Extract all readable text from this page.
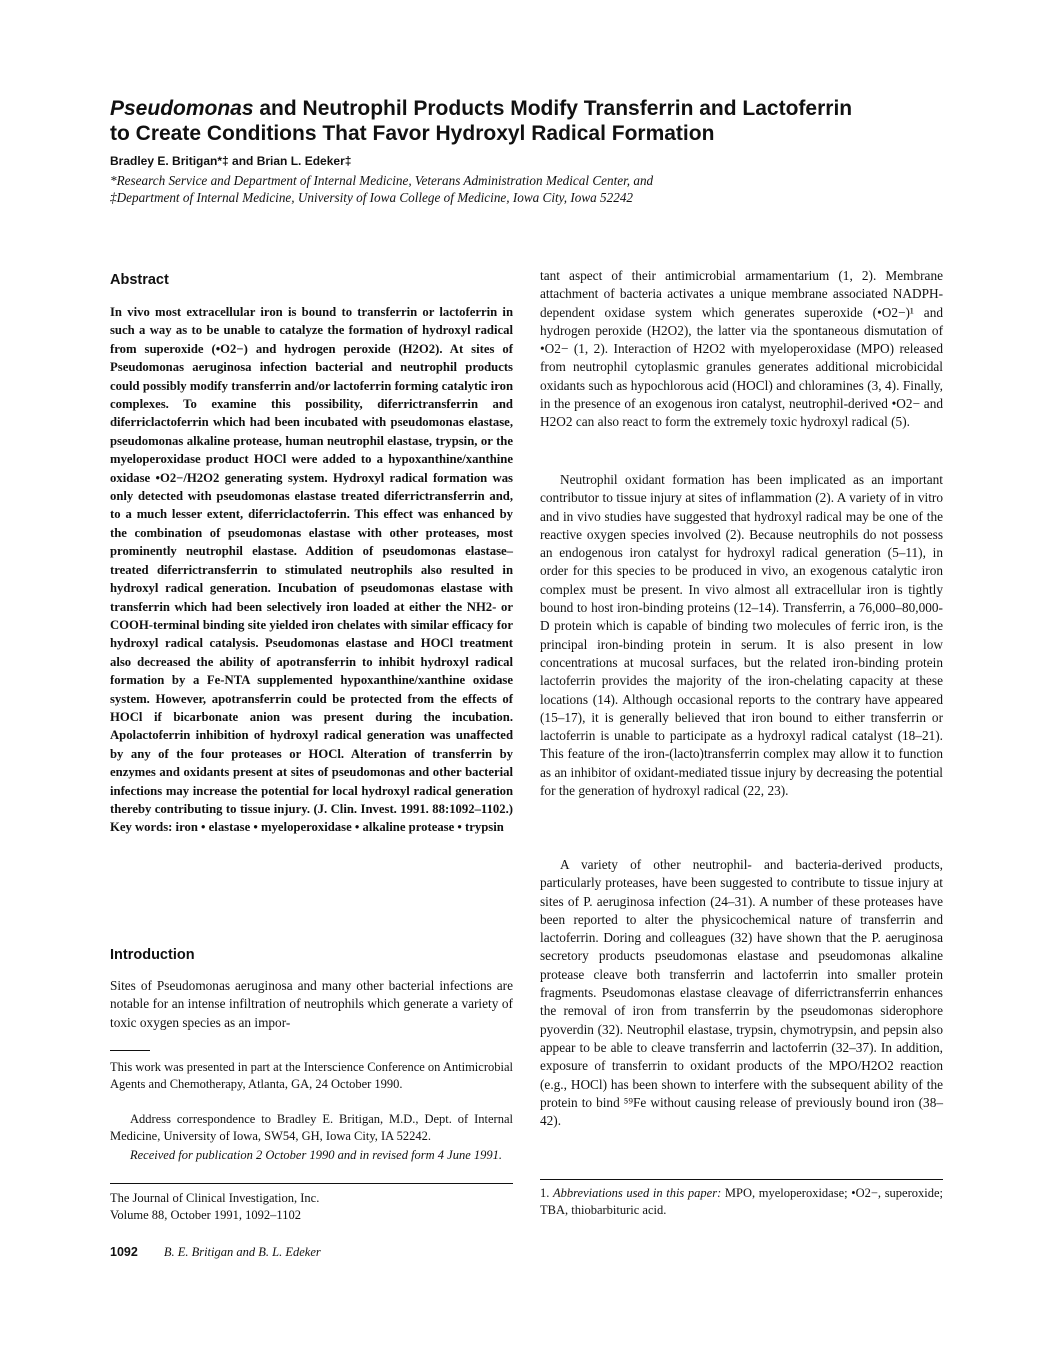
Pseudomonas and Neutrophil Products Modify Transferrin and Lactoferrin
to Create Conditions That Favor Hydroxyl Radical Formation
Bradley E. Britigan*‡ and Brian L. Edeker‡
*Research Service and Department of Internal Medicine, Veterans Administration Medical Center, and
‡Department of Internal Medicine, University of Iowa College of Medicine, Iowa City, Iowa 52242
Abstract

In vivo most extracellular iron is bound to transferrin or lactoferrin in such a way as to be unable to catalyze the formation of hydroxyl radical from superoxide (•O2−) and hydrogen peroxide (H2O2). At sites of Pseudomonas aeruginosa infection bacterial and neutrophil products could possibly modify transferrin and/or lactoferrin forming catalytic iron complexes. To examine this possibility, diferrictransferrin and diferriclactoferrin which had been incubated with pseudomonas elastase, pseudomonas alkaline protease, human neutrophil elastase, trypsin, or the myeloperoxidase product HOCl were added to a hypoxanthine/xanthine oxidase •O2−/H2O2 generating system. Hydroxyl radical formation was only detected with pseudomonas elastase treated diferrictransferrin and, to a much lesser extent, diferriclactoferrin. This effect was enhanced by the combination of pseudomonas elastase with other proteases, most prominently neutrophil elastase. Addition of pseudomonas elastase–treated diferrictransferrin to stimulated neutrophils also resulted in hydroxyl radical generation. Incubation of pseudomonas elastase with transferrin which had been selectively iron loaded at either the NH2- or COOH-terminal binding site yielded iron chelates with similar efficacy for hydroxyl radical catalysis. Pseudomonas elastase and HOCl treatment also decreased the ability of apotransferrin to inhibit hydroxyl radical formation by a Fe-NTA supplemented hypoxanthine/xanthine oxidase system. However, apotransferrin could be protected from the effects of HOCl if bicarbonate anion was present during the incubation. Apolactoferrin inhibition of hydroxyl radical generation was unaffected by any of the four proteases or HOCl. Alteration of transferrin by enzymes and oxidants present at sites of pseudomonas and other bacterial infections may increase the potential for local hydroxyl radical generation thereby contributing to tissue injury. (J. Clin. Invest. 1991. 88:1092–1102.) Key words: iron • elastase • myeloperoxidase • alkaline protease • trypsin

Introduction

Sites of Pseudomonas aeruginosa and many other bacterial infections are notable for an intense infiltration of neutrophils which generate a variety of toxic oxygen species as an impor-

This work was presented in part at the Interscience Conference on Antimicrobial Agents and Chemotherapy, Atlanta, GA, 24 October 1990.

Address correspondence to Bradley E. Britigan, M.D., Dept. of Internal Medicine, University of Iowa, SW54, GH, Iowa City, IA 52242.

Received for publication 2 October 1990 and in revised form 4 June 1991.

The Journal of Clinical Investigation, Inc.
Volume 88, October 1991, 1092–1102
1092 B. E. Britigan and B. L. Edeker

tant aspect of their antimicrobial armamentarium (1, 2). Membrane attachment of bacteria activates a unique membrane associated NADPH-dependent oxidase system which generates superoxide (•O2−)¹ and hydrogen peroxide (H2O2), the latter via the spontaneous dismutation of •O2− (1, 2). Interaction of H2O2 with myeloperoxidase (MPO) released from neutrophil cytoplasmic granules generates additional microbicidal oxidants such as hypochlorous acid (HOCl) and chloramines (3, 4). Finally, in the presence of an exogenous iron catalyst, neutrophil-derived •O2− and H2O2 can also react to form the extremely toxic hydroxyl radical (5).

Neutrophil oxidant formation has been implicated as an important contributor to tissue injury at sites of inflammation (2). A variety of in vitro and in vivo studies have suggested that hydroxyl radical may be one of the reactive oxygen species involved (2). Because neutrophils do not possess an endogenous iron catalyst for hydroxyl radical generation (5–11), in order for this species to be produced in vivo, an exogenous catalytic iron complex must be present. In vivo almost all extracellular iron is tightly bound to host iron-binding proteins (12–14). Transferrin, a 76,000–80,000-D protein which is capable of binding two molecules of ferric iron, is the principal iron-binding protein in serum. It is also present in low concentrations at mucosal surfaces, but the related iron-binding protein lactoferrin provides the majority of the iron-chelating capacity at these locations (14). Although occasional reports to the contrary have appeared (15–17), it is generally believed that iron bound to either transferrin or lactoferrin is unable to participate as a hydroxyl radical catalyst (18–21). This feature of the iron-(lacto)transferrin complex may allow it to function as an inhibitor of oxidant-mediated tissue injury by decreasing the potential for the generation of hydroxyl radical (22, 23).

A variety of other neutrophil- and bacteria-derived products, particularly proteases, have been suggested to contribute to tissue injury at sites of P. aeruginosa infection (24–31). A number of these proteases have been reported to alter the physicochemical nature of transferrin and lactoferrin. Doring and colleagues (32) have shown that the P. aeruginosa secretory products pseudomonas elastase and pseudomonas alkaline protease cleave both transferrin and lactoferrin into smaller protein fragments. Pseudomonas elastase cleavage of diferrictransferrin enhances the removal of iron from transferrin by the pseudomonas siderophore pyoverdin (32). Neutrophil elastase, trypsin, chymotrypsin, and pepsin also appear to be able to cleave transferrin and lactoferrin (32–37). In addition, exposure of transferrin to oxidant products of the MPO/H2O2 reaction (e.g., HOCl) has been shown to interfere with the subsequent ability of the protein to bind ⁵⁹Fe without causing release of previously bound iron (38–42).

1. Abbreviations used in this paper: MPO, myeloperoxidase; •O2−, superoxide; TBA, thiobarbituric acid.
